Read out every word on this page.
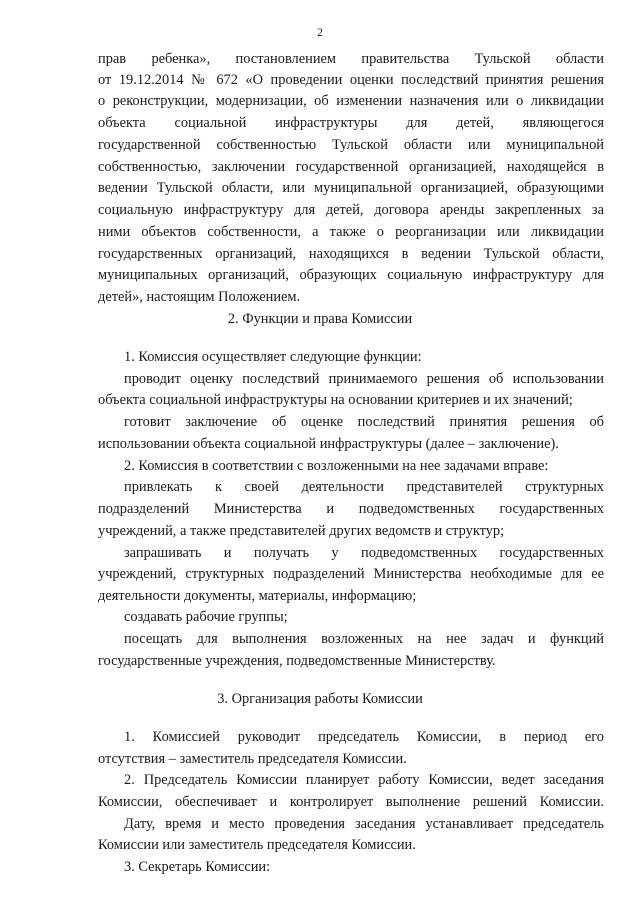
2
прав ребенка», постановлением правительства Тульской области
от 19.12.2014 № 672 «О проведении оценки последствий принятия решения
о реконструкции, модернизации, об изменении назначения или о ликвидации
объекта социальной инфраструктуры для детей, являющегося
государственной собственностью Тульской области или муниципальной
собственностью, заключении государственной организацией, находящейся в
ведении Тульской области, или муниципальной организацией, образующими
социальную инфраструктуру для детей, договора аренды закрепленных за
ними объектов собственности, а также о реорганизации или ликвидации
государственных организаций, находящихся в ведении Тульской области,
муниципальных организаций, образующих социальную инфраструктуру для
детей», настоящим Положением.
2. Функции и права Комиссии
1. Комиссия осуществляет следующие функции:
проводит оценку последствий принимаемого решения об использовании
объекта социальной инфраструктуры на основании критериев и их значений;
готовит заключение об оценке последствий принятия решения об
использовании объекта социальной инфраструктуры (далее – заключение).
2. Комиссия в соответствии с возложенными на нее задачами вправе:
привлекать к своей деятельности представителей структурных
подразделений Министерства и подведомственных государственных
учреждений, а также представителей других ведомств и структур;
запрашивать и получать у подведомственных государственных
учреждений, структурных подразделений Министерства необходимые для ее
деятельности документы, материалы, информацию;
создавать рабочие группы;
посещать для выполнения возложенных на нее задач и функций
государственные учреждения, подведомственные Министерству.
3. Организация работы Комиссии
1. Комиссией руководит председатель Комиссии, в период его
отсутствия – заместитель председателя Комиссии.
2. Председатель Комиссии планирует работу Комиссии, ведет заседания
Комиссии, обеспечивает и контролирует выполнение решений Комиссии.
Дату, время и место проведения заседания устанавливает председатель
Комиссии или заместитель председателя Комиссии.
3. Секретарь Комиссии:
